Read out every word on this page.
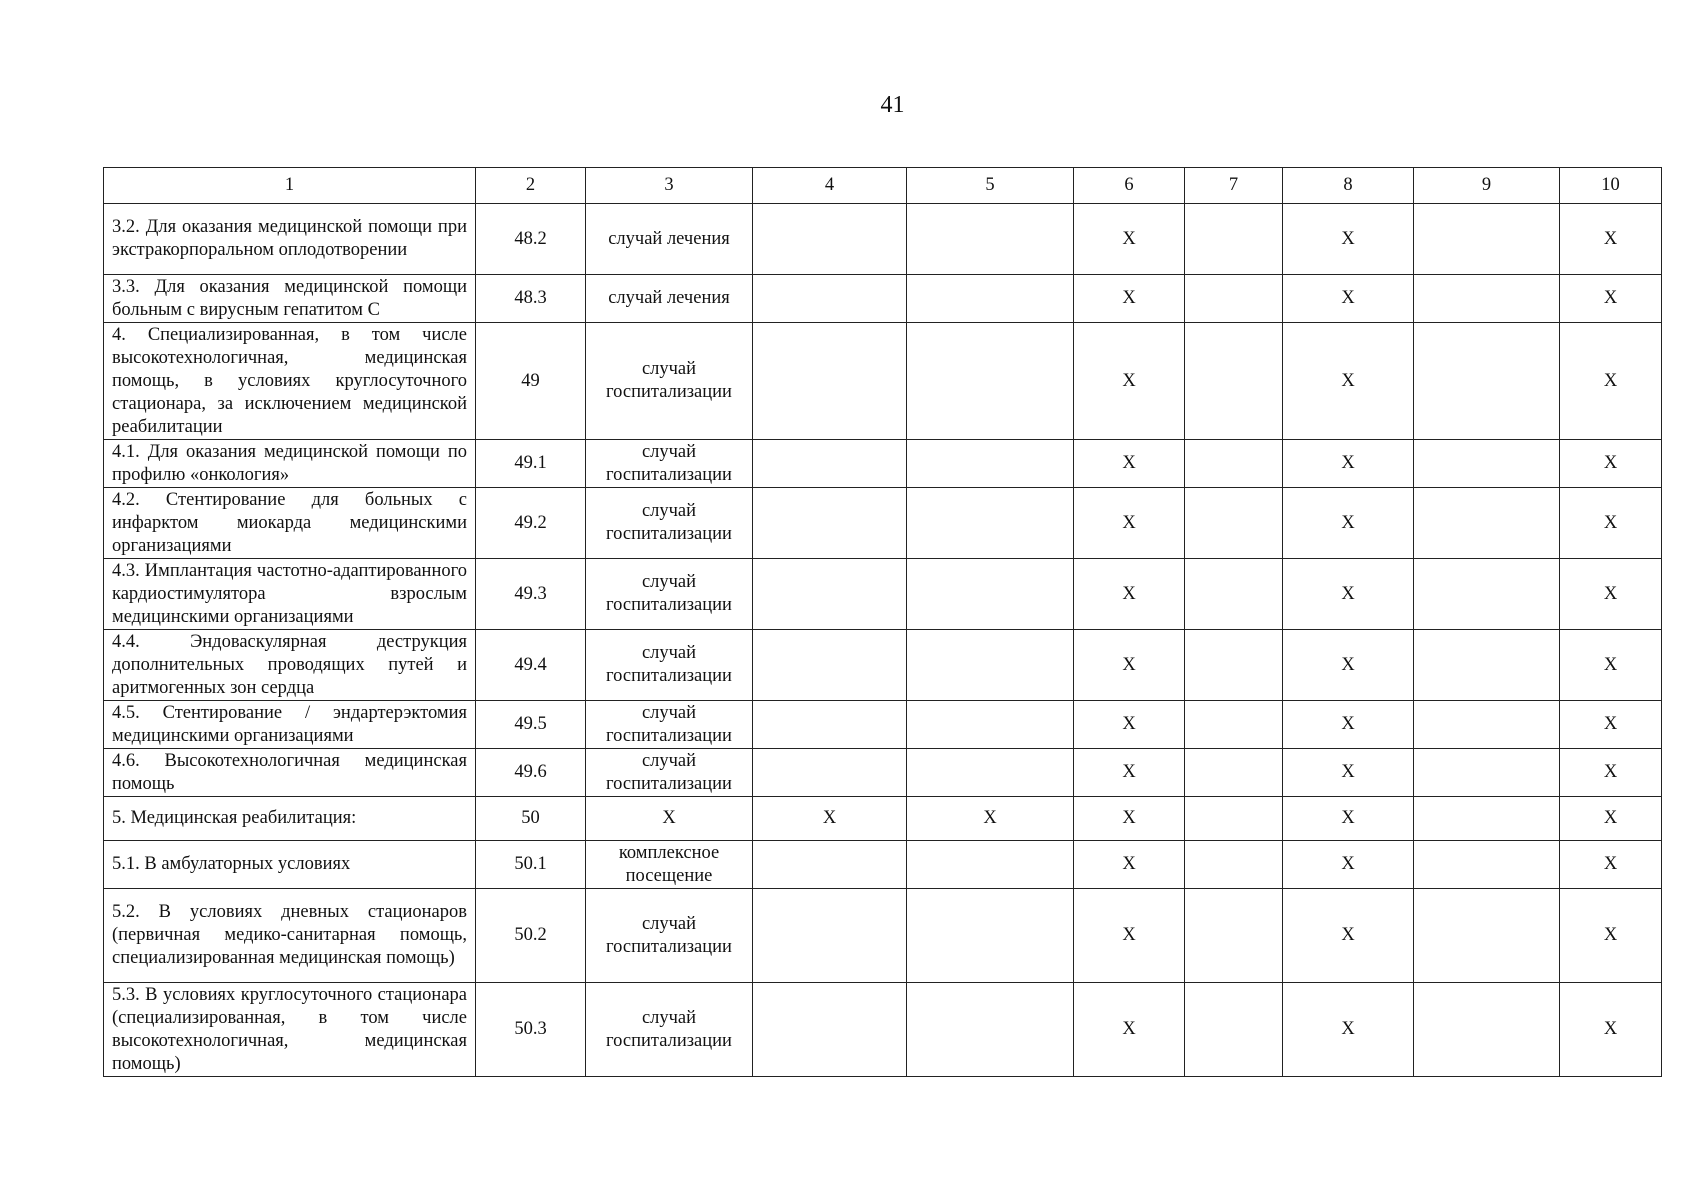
41
1	2	3	4	5	6	7	8	9	10
3.2. Для оказания медицинской помощи при экстракорпоральном оплодотворении	48.2	случай лечения			X		X		X
3.3. Для оказания медицинской помощи больным с вирусным гепатитом С	48.3	случай лечения			X		X		X
4. Специализированная, в том числе высокотехнологичная, медицинская помощь, в условиях круглосуточного стационара, за исключением медицинской реабилитации	49	случай госпитализации			X		X		X
4.1. Для оказания медицинской помощи по профилю «онкология»	49.1	случай госпитализации			X		X		X
4.2. Стентирование для больных с инфарктом миокарда медицинскими организациями	49.2	случай госпитализации			X		X		X
4.3. Имплантация частотно-адаптированного кардиостимулятора взрослым медицинскими организациями	49.3	случай госпитализации			X		X		X
4.4. Эндоваскулярная деструкция дополнительных проводящих путей и аритмогенных зон сердца	49.4	случай госпитализации			X		X		X
4.5. Стентирование / эндартерэктомия медицинскими организациями	49.5	случай госпитализации			X		X		X
4.6. Высокотехнологичная медицинская помощь	49.6	случай госпитализации			X		X		X
5. Медицинская реабилитация:	50	X	X	X	X		X		X
5.1. В амбулаторных условиях	50.1	комплексное посещение			X		X		X
5.2. В условиях дневных стационаров (первичная медико-санитарная помощь, специализированная медицинская помощь)	50.2	случай госпитализации			X		X		X
5.3. В условиях круглосуточного стационара (специализированная, в том числе высокотехнологичная, медицинская помощь)	50.3	случай госпитализации			X		X		X
